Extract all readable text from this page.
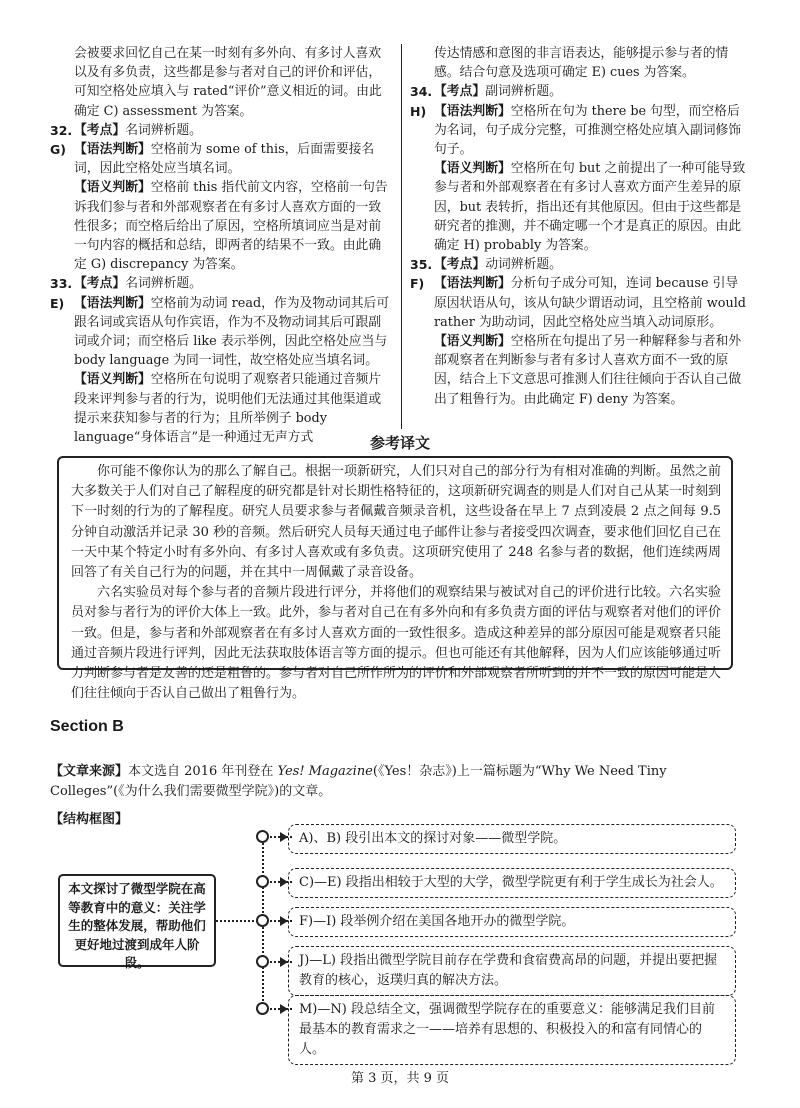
会被要求回忆自己在某一时刻有多外向、有多讨人喜欢以及有多负责，这些都是参与者对自己的评价和评估，可知空格处应填入与 rated“评价”意义相近的词。由此确定 C) assessment 为答案。

32. 【考点】名词辨析题。
G) 【语法判断】空格前为 some of this，后面需要接名词，因此空格处应当填名词。

【语义判断】空格前 this 指代前文内容，空格前一句告诉我们参与者和外部观察者在有多讨人喜欢方面的一致性很多；而空格后给出了原因，空格所填词应当是对前一句内容的概括和总结，即两者的结果不一致。由此确定 G) discrepancy 为答案。

33. 【考点】名词辨析题。
E) 【语法判断】空格前为动词 read，作为及物动词其后可跟名词或宾语从句作宾语，作为不及物动词其后可跟副词或介词；而空格后 like 表示举例，因此空格处应当与 body language 为同一词性，故空格处应当填名词。

【语义判断】空格所在句说明了观察者只能通过音频片段来评判参与者的行为，说明他们无法通过其他渠道或提示来获知参与者的行为；且所举例子 body language“身体语言”是一种通过无声方式

传达情感和意图的非言语表达，能够提示参与者的情感。结合句意及选项可确定 E) cues 为答案。

34. 【考点】副词辨析题。
H) 【语法判断】空格所在句为 there be 句型，而空格后为名词，句子成分完整，可推测空格处应填入副词修饰句子。

【语义判断】空格所在句 but 之前提出了一种可能导致参与者和外部观察者在有多讨人喜欢方面产生差异的原因，but 表转折，指出还有其他原因。但由于这些都是研究者的推测，并不确定哪一个才是真正的原因。由此确定 H) probably 为答案。

35. 【考点】动词辨析题。
F) 【语法判断】分析句子成分可知，连词 because 引导原因状语从句，该从句缺少谓语动词，且空格前 would rather 为助动词，因此空格处应当填入动词原形。

【语义判断】空格所在句提出了另一种解释参与者和外部观察者在判断参与者有多讨人喜欢方面不一致的原因，结合上下文意思可推测人们往往倾向于否认自己做出了粗鲁行为。由此确定 F) deny 为答案。

参考译文

你可能不像你认为的那么了解自己。根据一项新研究，人们只对自己的部分行为有相对准确的判断。虽然之前大多数关于人们对自己了解程度的研究都是针对长期性格特征的，这项新研究调查的则是人们对自己从某一时刻到下一时刻的行为的了解程度。研究人员要求参与者佩戴音频录音机，这些设备在早上 7 点到凌晨 2 点之间每 9.5 分钟自动激活并记录 30 秒的音频。然后研究人员每天通过电子邮件让参与者接受四次调查，要求他们回忆自己在一天中某个特定小时有多外向、有多讨人喜欢或有多负责。这项研究使用了 248 名参与者的数据，他们连续两周回答了有关自己行为的问题，并在其中一周佩戴了录音设备。

六名实验员对每个参与者的音频片段进行评分，并将他们的观察结果与被试对自己的评价进行比较。六名实验员对参与者行为的评价大体上一致。此外，参与者对自己在有多外向和有多负责方面的评估与观察者对他们的评价一致。但是，参与者和外部观察者在有多讨人喜欢方面的一致性很多。造成这种差异的部分原因可能是观察者只能通过音频片段进行评判，因此无法获取肢体语言等方面的提示。但也可能还有其他解释，因为人们应该能够通过听力判断参与者是友善的还是粗鲁的。参与者对自己所作所为的评价和外部观察者所听到的并不一致的原因可能是人们往往倾向于否认自己做出了粗鲁行为。

Section B
【文章来源】本文选自 2016 年刊登在 Yes! Magazine(《Yes！杂志》)上一篇标题为“Why We Need Tiny Colleges”(《为什么我们需要微型学院》)的文章。
【结构框图】
本文探讨了微型学院在高等教育中的意义：关注学生的整体发展，帮助他们更好地过渡到成年人阶段。
A)、B) 段引出本文的探讨对象——微型学院。
C)—E) 段指出相较于大型的大学，微型学院更有利于学生成长为社会人。
F)—I) 段举例介绍在美国各地开办的微型学院。
J)—L) 段指出微型学院目前存在学费和食宿费高昂的问题，并提出要把握教育的核心，返璞归真的解决方法。
M)—N) 段总结全文，强调微型学院存在的重要意义：能够满足我们目前最基本的教育需求之一——培养有思想的、积极投入的和富有同情心的人。
第 3 页，共 9 页
